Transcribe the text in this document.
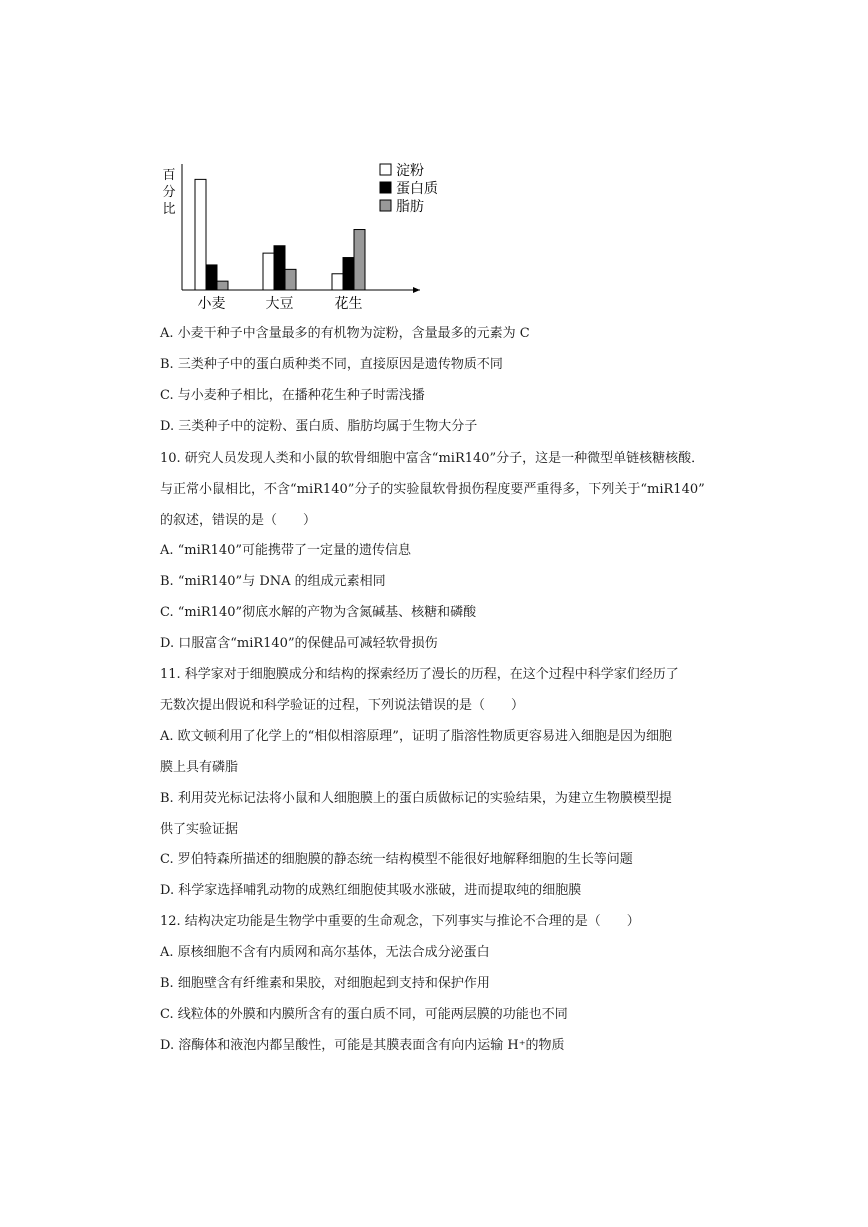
百
分
比
小麦	大豆	花生
淀粉
蛋白质
脂肪
A. 小麦干种子中含量最多的有机物为淀粉，含量最多的元素为 C
B. 三类种子中的蛋白质种类不同，直接原因是遗传物质不同
C. 与小麦种子相比，在播种花生种子时需浅播
D. 三类种子中的淀粉、蛋白质、脂肪均属于生物大分子
10. 研究人员发现人类和小鼠的软骨细胞中富含“miR140”分子，这是一种微型单链核糖核酸．
与正常小鼠相比，不含“miR140”分子的实验鼠软骨损伤程度要严重得多，下列关于“miR140”
的叙述，错误的是（　　）
A. “miR140”可能携带了一定量的遗传信息
B. “miR140”与 DNA 的组成元素相同
C. “miR140”彻底水解的产物为含氮碱基、核糖和磷酸
D. 口服富含“miR140”的保健品可减轻软骨损伤
11. 科学家对于细胞膜成分和结构的探索经历了漫长的历程，在这个过程中科学家们经历了
无数次提出假说和科学验证的过程，下列说法错误的是（　　）
A. 欧文顿利用了化学上的“相似相溶原理”，证明了脂溶性物质更容易进入细胞是因为细胞
膜上具有磷脂
B. 利用荧光标记法将小鼠和人细胞膜上的蛋白质做标记的实验结果，为建立生物膜模型提
供了实验证据
C. 罗伯特森所描述的细胞膜的静态统一结构模型不能很好地解释细胞的生长等问题
D. 科学家选择哺乳动物的成熟红细胞使其吸水涨破，进而提取纯的细胞膜
12. 结构决定功能是生物学中重要的生命观念，下列事实与推论不合理的是（　　）
A. 原核细胞不含有内质网和高尔基体，无法合成分泌蛋白
B. 细胞壁含有纤维素和果胶，对细胞起到支持和保护作用
C. 线粒体的外膜和内膜所含有的蛋白质不同，可能两层膜的功能也不同
D. 溶酶体和液泡内都呈酸性，可能是其膜表面含有向内运输 H⁺的物质
